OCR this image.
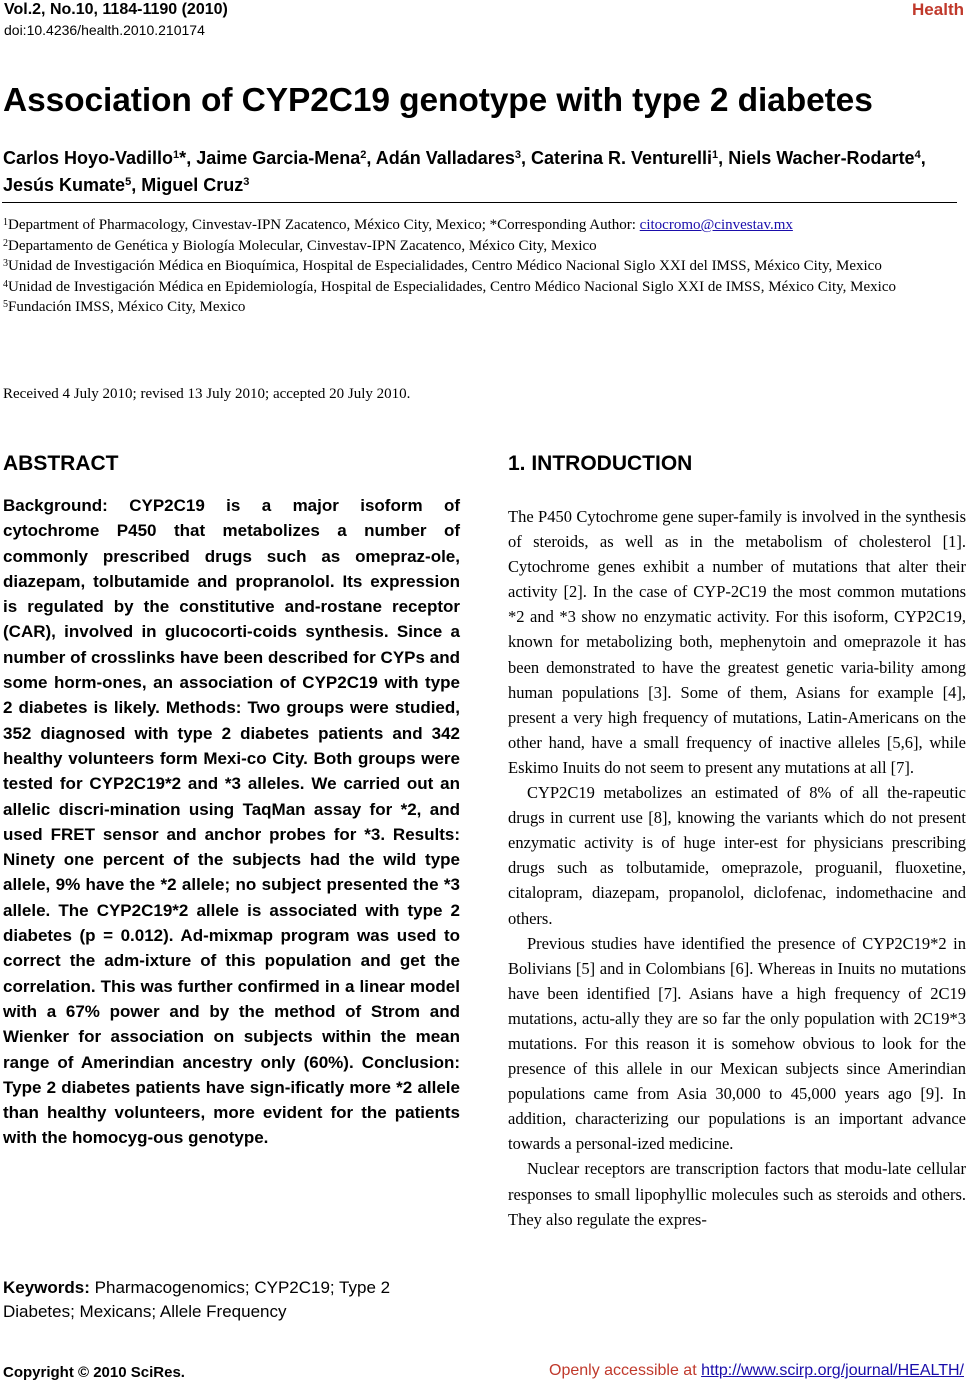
Vol.2, No.10, 1184-1190 (2010)
doi:10.4236/health.2010.210174
Health
Association of CYP2C19 genotype with type 2 diabetes
Carlos Hoyo-Vadillo$^1$*, Jaime Garcia-Mena$^2$, Adán Valladares$^3$, Caterina R. Venturelli$^1$, Niels Wacher-Rodarte$^4$, Jesús Kumate$^5$, Miguel Cruz$^3$

$^1$Department of Pharmacology, Cinvestav-IPN Zacatenco, México City, Mexico; *Corresponding Author: citocromo@cinvestav.mx

$^2$Departamento de Genética y Biología Molecular, Cinvestav-IPN Zacatenco, México City, Mexico

$^3$Unidad de Investigación Médica en Bioquímica, Hospital de Especialidades, Centro Médico Nacional Siglo XXI del IMSS, México City, Mexico

$^4$Unidad de Investigación Médica en Epidemiología, Hospital de Especialidades, Centro Médico Nacional Siglo XXI de IMSS, México City, Mexico

$^5$Fundación IMSS, México City, Mexico

Received 4 July 2010; revised 13 July 2010; accepted 20 July 2010.
ABSTRACT

Background: CYP2C19 is a major isoform of cytochrome P450 that metabolizes a number of commonly prescribed drugs such as omepraz-ole, diazepam, tolbutamide and propranolol. Its expression is regulated by the constitutive and-rostane receptor (CAR), involved in glucocorti-coids synthesis. Since a number of crosslinks have been described for CYPs and some horm-ones, an association of CYP2C19 with type 2 diabetes is likely. Methods: Two groups were studied, 352 diagnosed with type 2 diabetes patients and 342 healthy volunteers form Mexi-co City. Both groups were tested for CYP2C19*2 and *3 alleles. We carried out an allelic discri-mination using TaqMan assay for *2, and used FRET sensor and anchor probes for *3. Results: Ninety one percent of the subjects had the wild type allele, 9% have the *2 allele; no subject presented the *3 allele. The CYP2C19*2 allele is associated with type 2 diabetes (p = 0.012). Ad-mixmap program was used to correct the adm-ixture of this population and get the correlation. This was further confirmed in a linear model with a 67% power and by the method of Strom and Wienker for association on subjects within the mean range of Amerindian ancestry only (60%). Conclusion: Type 2 diabetes patients have sign-ificatly more *2 allele than healthy volunteers, more evident for the patients with the homocyg-ous genotype.

Keywords: Pharmacogenomics; CYP2C19; Type 2 Diabetes; Mexicans; Allele Frequency

1. INTRODUCTION

The P450 Cytochrome gene super-family is involved in the synthesis of steroids, as well as in the metabolism of cholesterol [1]. Cytochrome genes exhibit a number of mutations that alter their activity [2]. In the case of CYP-2C19 the most common mutations *2 and *3 show no enzymatic activity. For this isoform, CYP2C19, known for metabolizing both, mephenytoin and omeprazole it has been demonstrated to have the greatest genetic varia-bility among human populations [3]. Some of them, Asians for example [4], present a very high frequency of mutations, Latin-Americans on the other hand, have a small frequency of inactive alleles [5,6], while Eskimo Inuits do not seem to present any mutations at all [7].

CYP2C19 metabolizes an estimated of 8% of all the-rapeutic drugs in current use [8], knowing the variants which do not present enzymatic activity is of huge inter-est for physicians prescribing drugs such as tolbutamide, omeprazole, proguanil, fluoxetine, citalopram, diazepam, propanolol, diclofenac, indomethacine and others.

Previous studies have identified the presence of CYP2C19*2 in Bolivians [5] and in Colombians [6]. Whereas in Inuits no mutations have been identified [7]. Asians have a high frequency of 2C19 mutations, actu-ally they are so far the only population with 2C19*3 mutations. For this reason it is somehow obvious to look for the presence of this allele in our Mexican subjects since Amerindian populations came from Asia 30,000 to 45,000 years ago [9]. In addition, characterizing our populations is an important advance towards a personal-ized medicine.

Nuclear receptors are transcription factors that modu-late cellular responses to small lipophyllic molecules such as steroids and others. They also regulate the expres-

Copyright © 2010 SciRes.	Openly accessible at http://www.scirp.org/journal/HEALTH/
